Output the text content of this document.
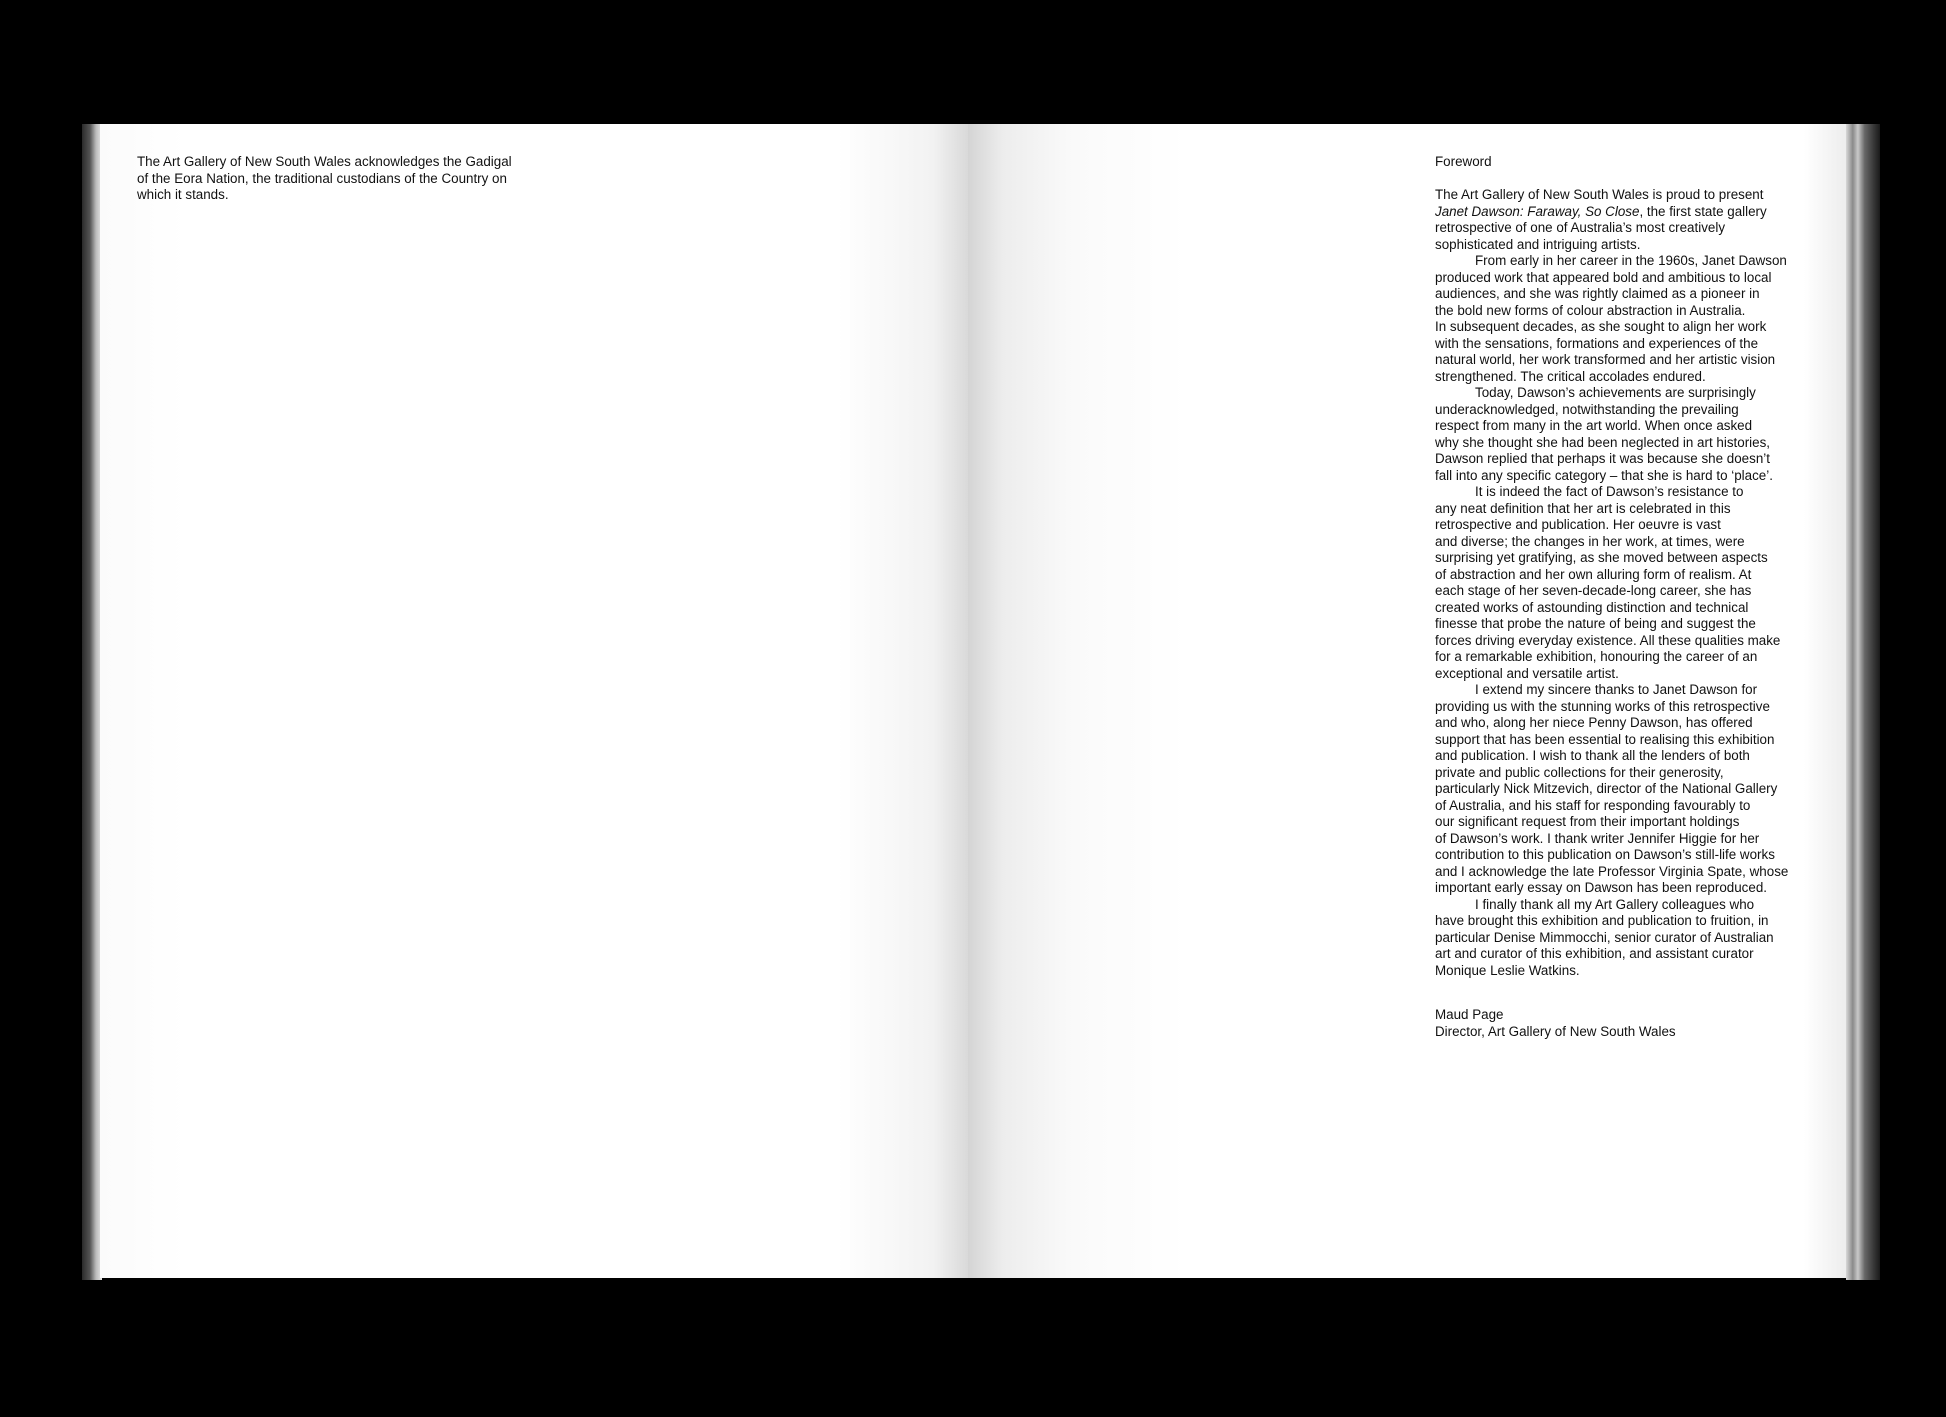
The Art Gallery of New South Wales acknowledges the Gadigal
of the Eora Nation, the traditional custodians of the Country on
which it stands.
Foreword
The Art Gallery of New South Wales is proud to present
Janet Dawson: Faraway, So Close, the first state gallery
retrospective of one of Australia’s most creatively
sophisticated and intriguing artists.
From early in her career in the 1960s, Janet Dawson
produced work that appeared bold and ambitious to local
audiences, and she was rightly claimed as a pioneer in
the bold new forms of colour abstraction in Australia.
In subsequent decades, as she sought to align her work
with the sensations, formations and experiences of the
natural world, her work transformed and her artistic vision
strengthened. The critical accolades endured.
Today, Dawson’s achievements are surprisingly
underacknowledged, notwithstanding the prevailing
respect from many in the art world. When once asked
why she thought she had been neglected in art histories,
Dawson replied that perhaps it was because she doesn’t
fall into any specific category – that she is hard to ‘place’.
It is indeed the fact of Dawson’s resistance to
any neat definition that her art is celebrated in this
retrospective and publication. Her oeuvre is vast
and diverse; the changes in her work, at times, were
surprising yet gratifying, as she moved between aspects
of abstraction and her own alluring form of realism. At
each stage of her seven-decade-long career, she has
created works of astounding distinction and technical
finesse that probe the nature of being and suggest the
forces driving everyday existence. All these qualities make
for a remarkable exhibition, honouring the career of an
exceptional and versatile artist.
I extend my sincere thanks to Janet Dawson for
providing us with the stunning works of this retrospective
and who, along her niece Penny Dawson, has offered
support that has been essential to realising this exhibition
and publication. I wish to thank all the lenders of both
private and public collections for their generosity,
particularly Nick Mitzevich, director of the National Gallery
of Australia, and his staff for responding favourably to
our significant request from their important holdings
of Dawson’s work. I thank writer Jennifer Higgie for her
contribution to this publication on Dawson’s still-life works
and I acknowledge the late Professor Virginia Spate, whose
important early essay on Dawson has been reproduced.
I finally thank all my Art Gallery colleagues who
have brought this exhibition and publication to fruition, in
particular Denise Mimmocchi, senior curator of Australian
art and curator of this exhibition, and assistant curator
Monique Leslie Watkins.
Maud Page
Director, Art Gallery of New South Wales
